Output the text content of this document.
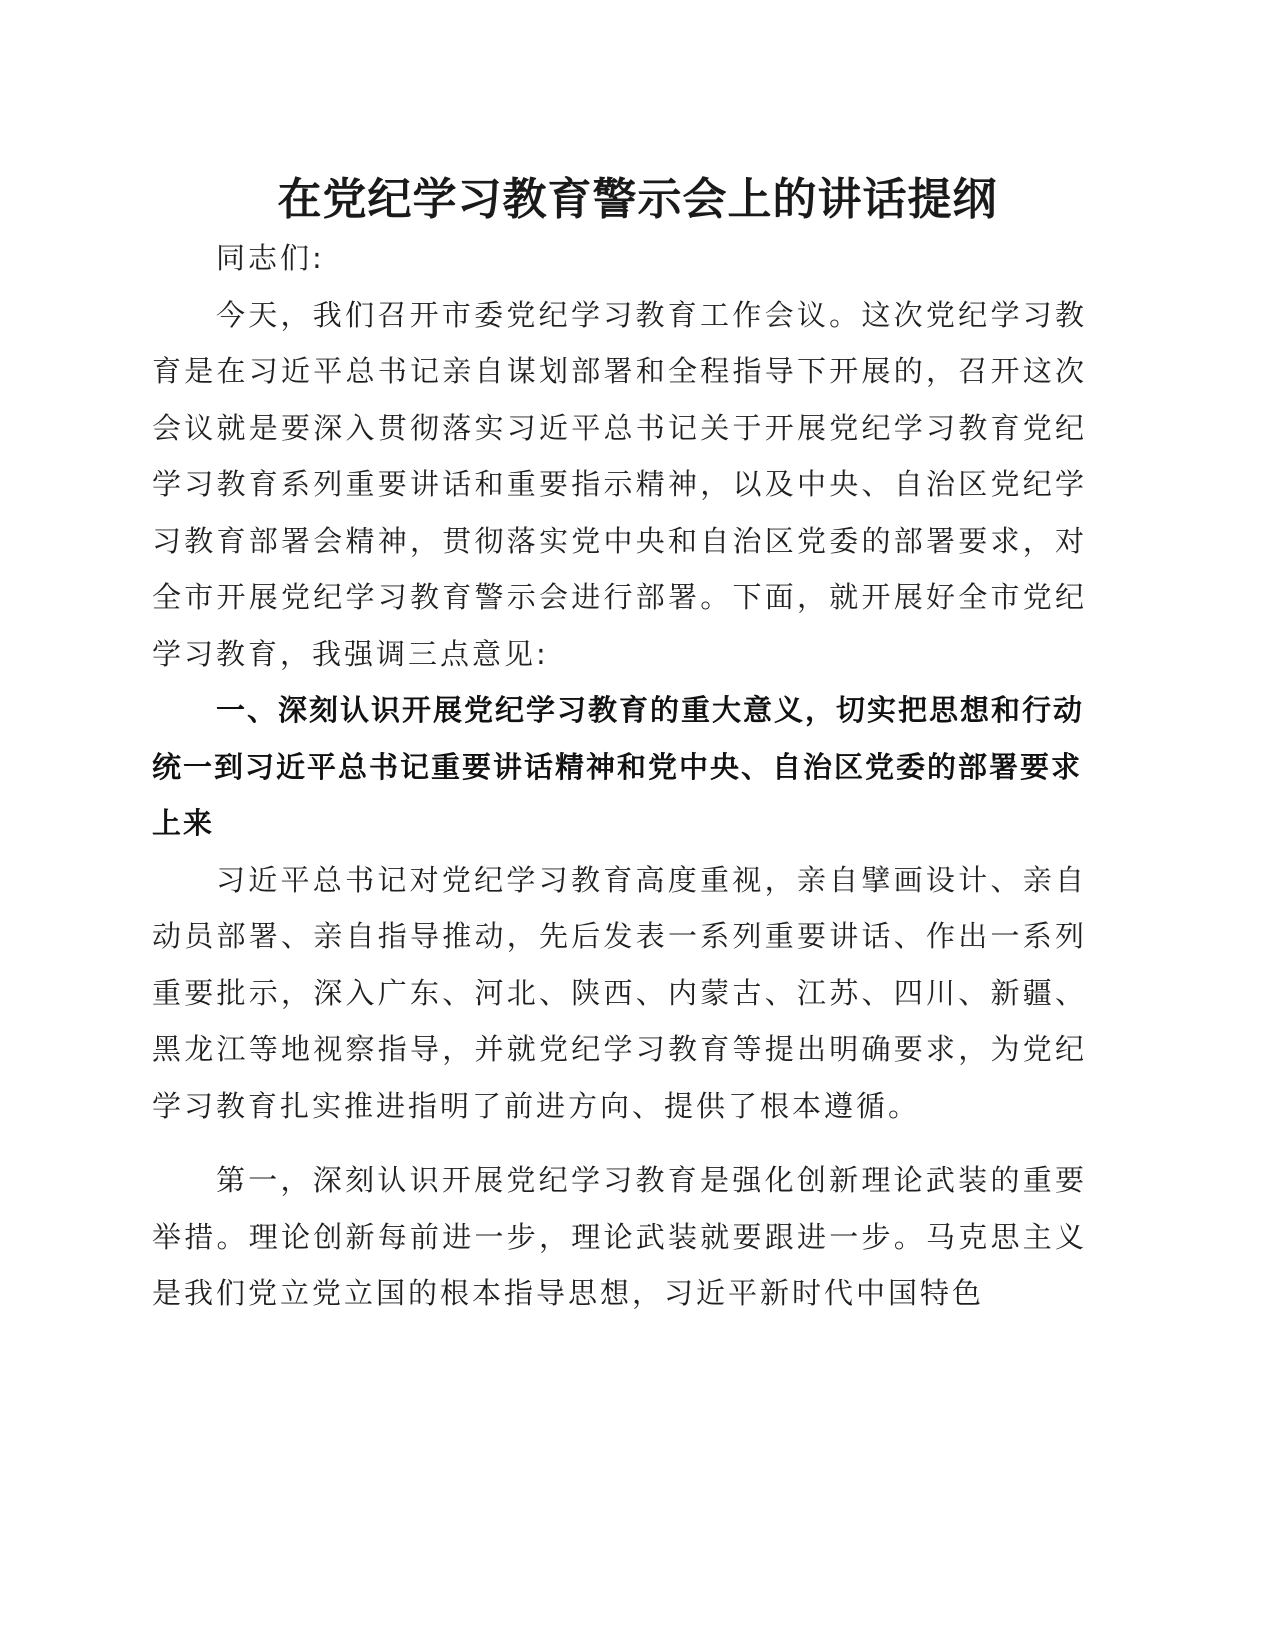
在党纪学习教育警示会上的讲话提纲

同志们:

今天，我们召开市委党纪学习教育工作会议。这次党纪学习教育是在习近平总书记亲自谋划部署和全程指导下开展的，召开这次会议就是要深入贯彻落实习近平总书记关于开展党纪学习教育党纪学习教育系列重要讲话和重要指示精神，以及中央、自治区党纪学习教育部署会精神，贯彻落实党中央和自治区党委的部署要求，对全市开展党纪学习教育警示会进行部署。下面，就开展好全市党纪学习教育，我强调三点意见:

一、深刻认识开展党纪学习教育的重大意义，切实把思想和行动统一到习近平总书记重要讲话精神和党中央、自治区党委的部署要求上来

习近平总书记对党纪学习教育高度重视，亲自擘画设计、亲自动员部署、亲自指导推动，先后发表一系列重要讲话、作出一系列重要批示，深入广东、河北、陕西、内蒙古、江苏、四川、新疆、黑龙江等地视察指导，并就党纪学习教育等提出明确要求，为党纪学习教育扎实推进指明了前进方向、提供了根本遵循。

第一，深刻认识开展党纪学习教育是强化创新理论武装的重要举措。理论创新每前进一步，理论武装就要跟进一步。马克思主义是我们党立党立国的根本指导思想，习近平新时代中国特色
